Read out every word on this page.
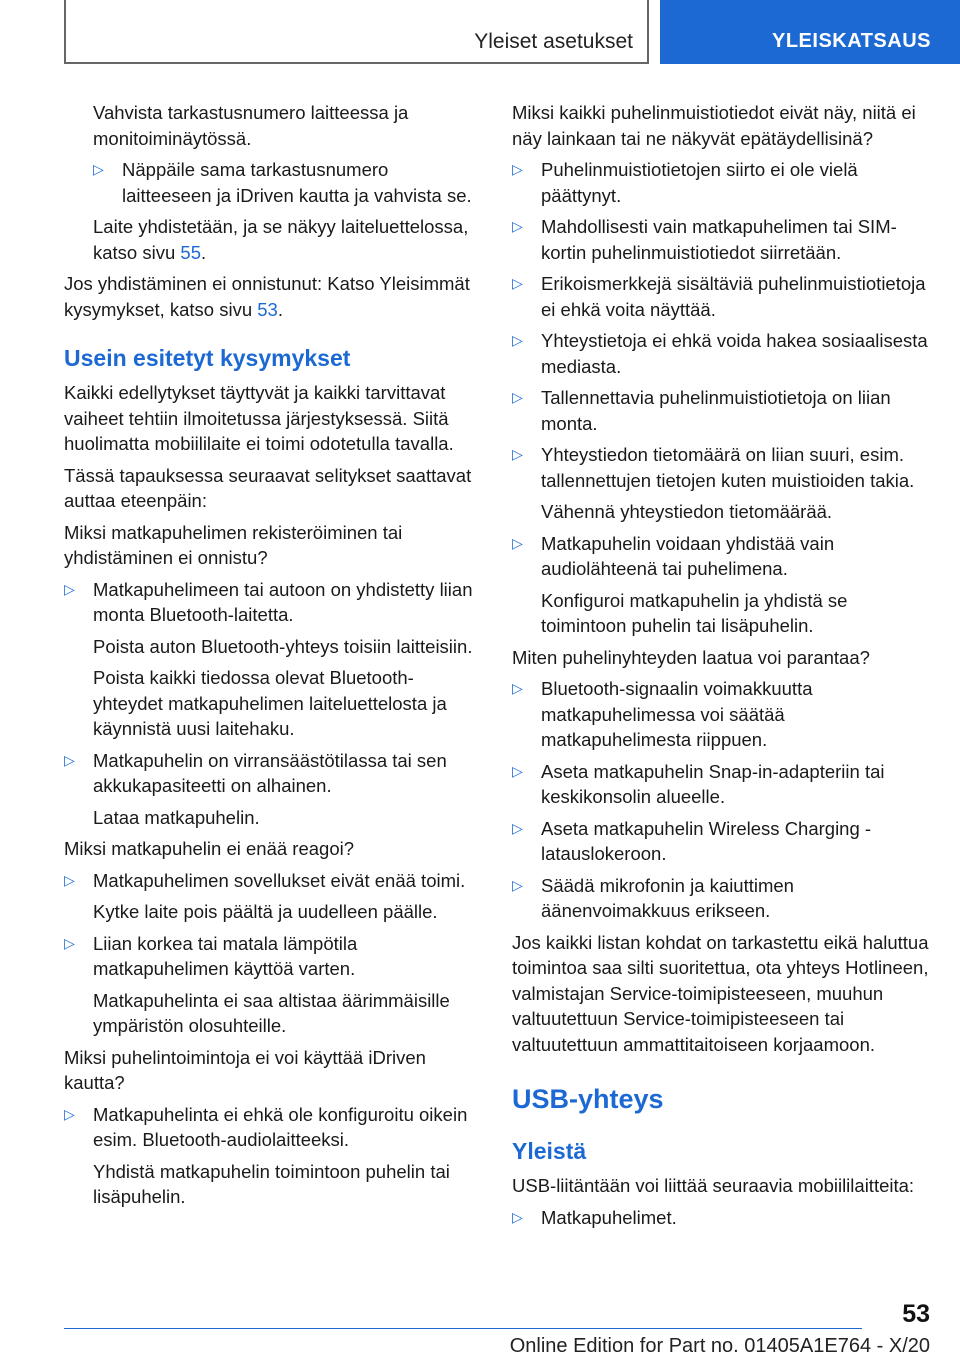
Yleiset asetukset	YLEISKATSAUS

Vahvista tarkastusnumero laitteessa ja monitoiminäytössä.

▷ Näppäile sama tarkastusnumero laitteeseen ja iDriven kautta ja vahvista se.

Laite yhdistetään, ja se näkyy laiteluettelossa, katso sivu 55.

Jos yhdistäminen ei onnistunut: Katso Yleisimmät kysymykset, katso sivu 53.

Usein esitetyt kysymykset

Kaikki edellytykset täyttyvät ja kaikki tarvittavat vaiheet tehtiin ilmoitetussa järjestyksessä. Siitä huolimatta mobiililaite ei toimi odotetulla tavalla.

Tässä tapauksessa seuraavat selitykset saattavat auttaa eteenpäin:

Miksi matkapuhelimen rekisteröiminen tai yhdistäminen ei onnistu?

▷ Matkapuhelimeen tai autoon on yhdistetty liian monta Bluetooth-laitetta.

Poista auton Bluetooth-yhteys toisiin laitteisiin.

Poista kaikki tiedossa olevat Bluetooth-yhteydet matkapuhelimen laiteluettelosta ja käynnistä uusi laitehaku.

▷ Matkapuhelin on virransäästötilassa tai sen akkukapasiteetti on alhainen.

Lataa matkapuhelin.

Miksi matkapuhelin ei enää reagoi?

▷ Matkapuhelimen sovellukset eivät enää toimi.

Kytke laite pois päältä ja uudelleen päälle.

▷ Liian korkea tai matala lämpötila matkapuhelimen käyttöä varten.

Matkapuhelinta ei saa altistaa äärimmäisille ympäristön olosuhteille.

Miksi puhelintoimintoja ei voi käyttää iDriven kautta?

▷ Matkapuhelinta ei ehkä ole konfiguroitu oikein esim. Bluetooth-audiolaitteeksi.

Yhdistä matkapuhelin toimintoon puhelin tai lisäpuhelin.

Miksi kaikki puhelinmuistiotiedot eivät näy, niitä ei näy lainkaan tai ne näkyvät epätäydellisinä?

▷ Puhelinmuistiotietojen siirto ei ole vielä päättynyt.
▷ Mahdollisesti vain matkapuhelimen tai SIM-kortin puhelinmuistiotiedot siirretään.
▷ Erikoismerkkejä sisältäviä puhelinmuistiotietoja ei ehkä voita näyttää.
▷ Yhteystietoja ei ehkä voida hakea sosiaalisesta mediasta.
▷ Tallennettavia puhelinmuistiotietoja on liian monta.
▷ Yhteystiedon tietomäärä on liian suuri, esim. tallennettujen tietojen kuten muistioiden takia.

Vähennä yhteystiedon tietomäärää.

▷ Matkapuhelin voidaan yhdistää vain audiolähteenä tai puhelimena.

Konfiguroi matkapuhelin ja yhdistä se toimintoon puhelin tai lisäpuhelin.

Miten puhelinyhteyden laatua voi parantaa?

▷ Bluetooth-signaalin voimakkuutta matkapuhelimessa voi säätää matkapuhelimesta riippuen.
▷ Aseta matkapuhelin Snap-in-adapteriin tai keskikonsolin alueelle.
▷ Aseta matkapuhelin Wireless Charging -latauslokeroon.
▷ Säädä mikrofonin ja kaiuttimen äänenvoimakkuus erikseen.

Jos kaikki listan kohdat on tarkastettu eikä haluttua toimintoa saa silti suoritettua, ota yhteys Hotlineen, valmistajan Service-toimipisteeseen, muuhun valtuutettuun Service-toimipisteeseen tai valtuutettuun ammattitaitoiseen korjaamoon.

USB-yhteys
Yleistä

USB-liitäntään voi liittää seuraavia mobiililaitteita:

▷ Matkapuhelimet.
53
Online Edition for Part no. 01405A1E764 - X/20
